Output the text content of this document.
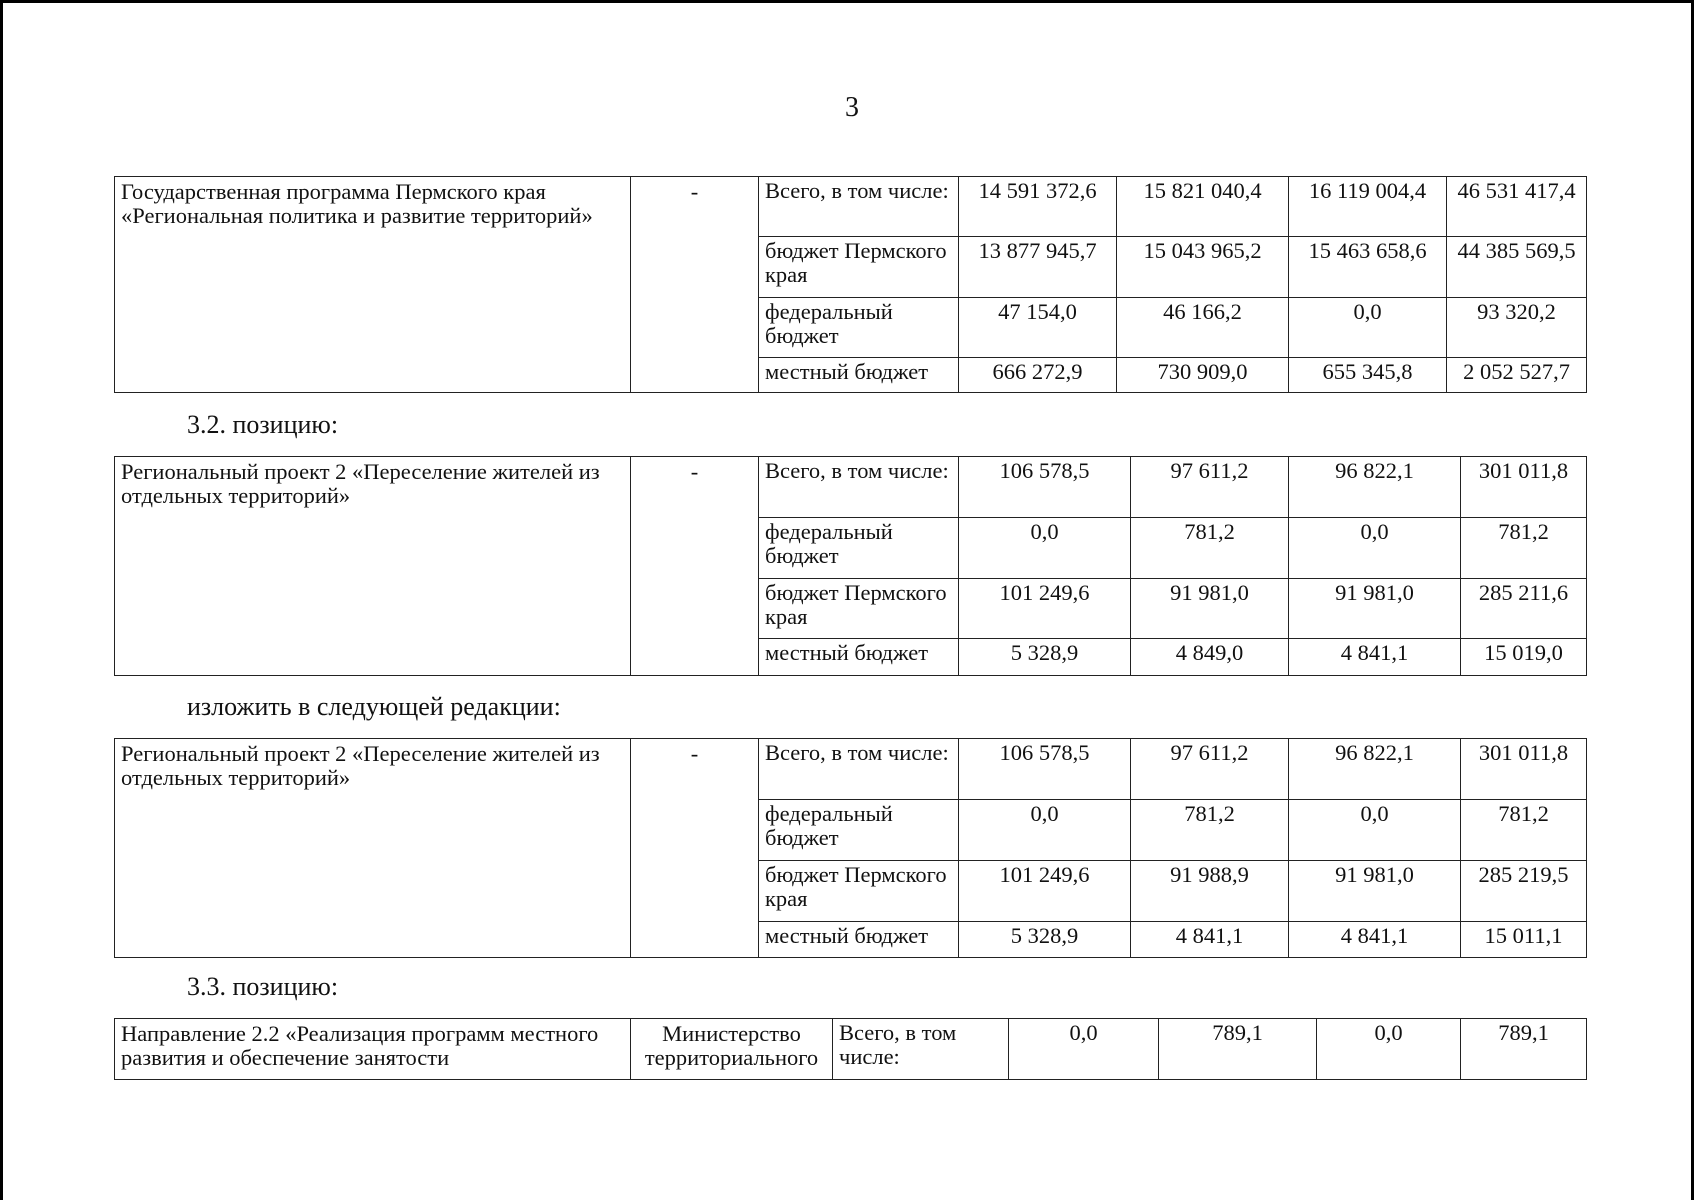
3
Государственная программа Пермского края «Региональная политика и развитие территорий»	-	Всего, в том числе:	14 591 372,6	15 821 040,4	16 119 004,4	46 531 417,4
		бюджет Пермского края	13 877 945,7	15 043 965,2	15 463 658,6	44 385 569,5
		федеральный бюджет	47 154,0	46 166,2	0,0	93 320,2
		местный бюджет	666 272,9	730 909,0	655 345,8	2 052 527,7
3.2. позицию:
Региональный проект 2 «Переселение жителей из отдельных территорий»	-	Всего, в том числе:	106 578,5	97 611,2	96 822,1	301 011,8
		федеральный бюджет	0,0	781,2	0,0	781,2
		бюджет Пермского края	101 249,6	91 981,0	91 981,0	285 211,6
		местный бюджет	5 328,9	4 849,0	4 841,1	15 019,0
изложить в следующей редакции:
Региональный проект 2 «Переселение жителей из отдельных территорий»	-	Всего, в том числе:	106 578,5	97 611,2	96 822,1	301 011,8
		федеральный бюджет	0,0	781,2	0,0	781,2
		бюджет Пермского края	101 249,6	91 988,9	91 981,0	285 219,5
		местный бюджет	5 328,9	4 841,1	4 841,1	15 011,1
3.3. позицию:
Направление 2.2 «Реализация программ местного развития и обеспечение занятости	Министерство территориального	Всего, в том числе:	0,0	789,1	0,0	789,1
